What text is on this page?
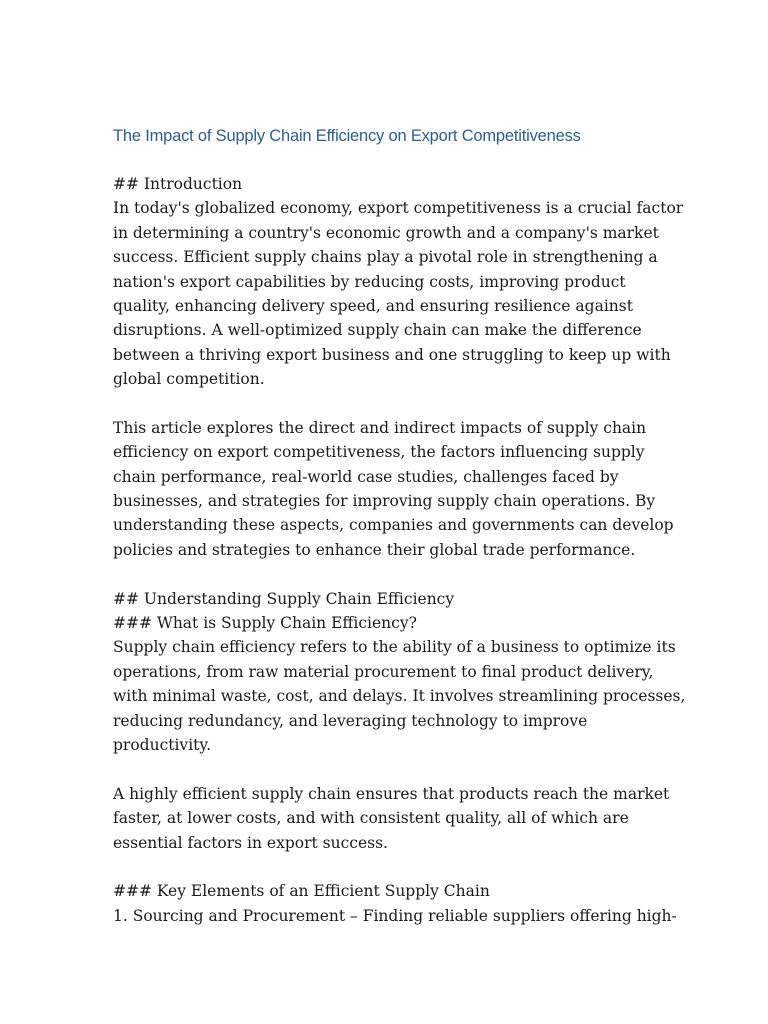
The Impact of Supply Chain Efficiency on Export Competitiveness
## Introduction
In today's globalized economy, export competitiveness is a crucial factor
in determining a country's economic growth and a company's market
success. Efficient supply chains play a pivotal role in strengthening a
nation's export capabilities by reducing costs, improving product
quality, enhancing delivery speed, and ensuring resilience against
disruptions. A well-optimized supply chain can make the difference
between a thriving export business and one struggling to keep up with
global competition.
This article explores the direct and indirect impacts of supply chain
efficiency on export competitiveness, the factors influencing supply
chain performance, real-world case studies, challenges faced by
businesses, and strategies for improving supply chain operations. By
understanding these aspects, companies and governments can develop
policies and strategies to enhance their global trade performance.
## Understanding Supply Chain Efficiency
### What is Supply Chain Efficiency?
Supply chain efficiency refers to the ability of a business to optimize its
operations, from raw material procurement to final product delivery,
with minimal waste, cost, and delays. It involves streamlining processes,
reducing redundancy, and leveraging technology to improve
productivity.
A highly efficient supply chain ensures that products reach the market
faster, at lower costs, and with consistent quality, all of which are
essential factors in export success.
### Key Elements of an Efficient Supply Chain
1. Sourcing and Procurement – Finding reliable suppliers offering high-
